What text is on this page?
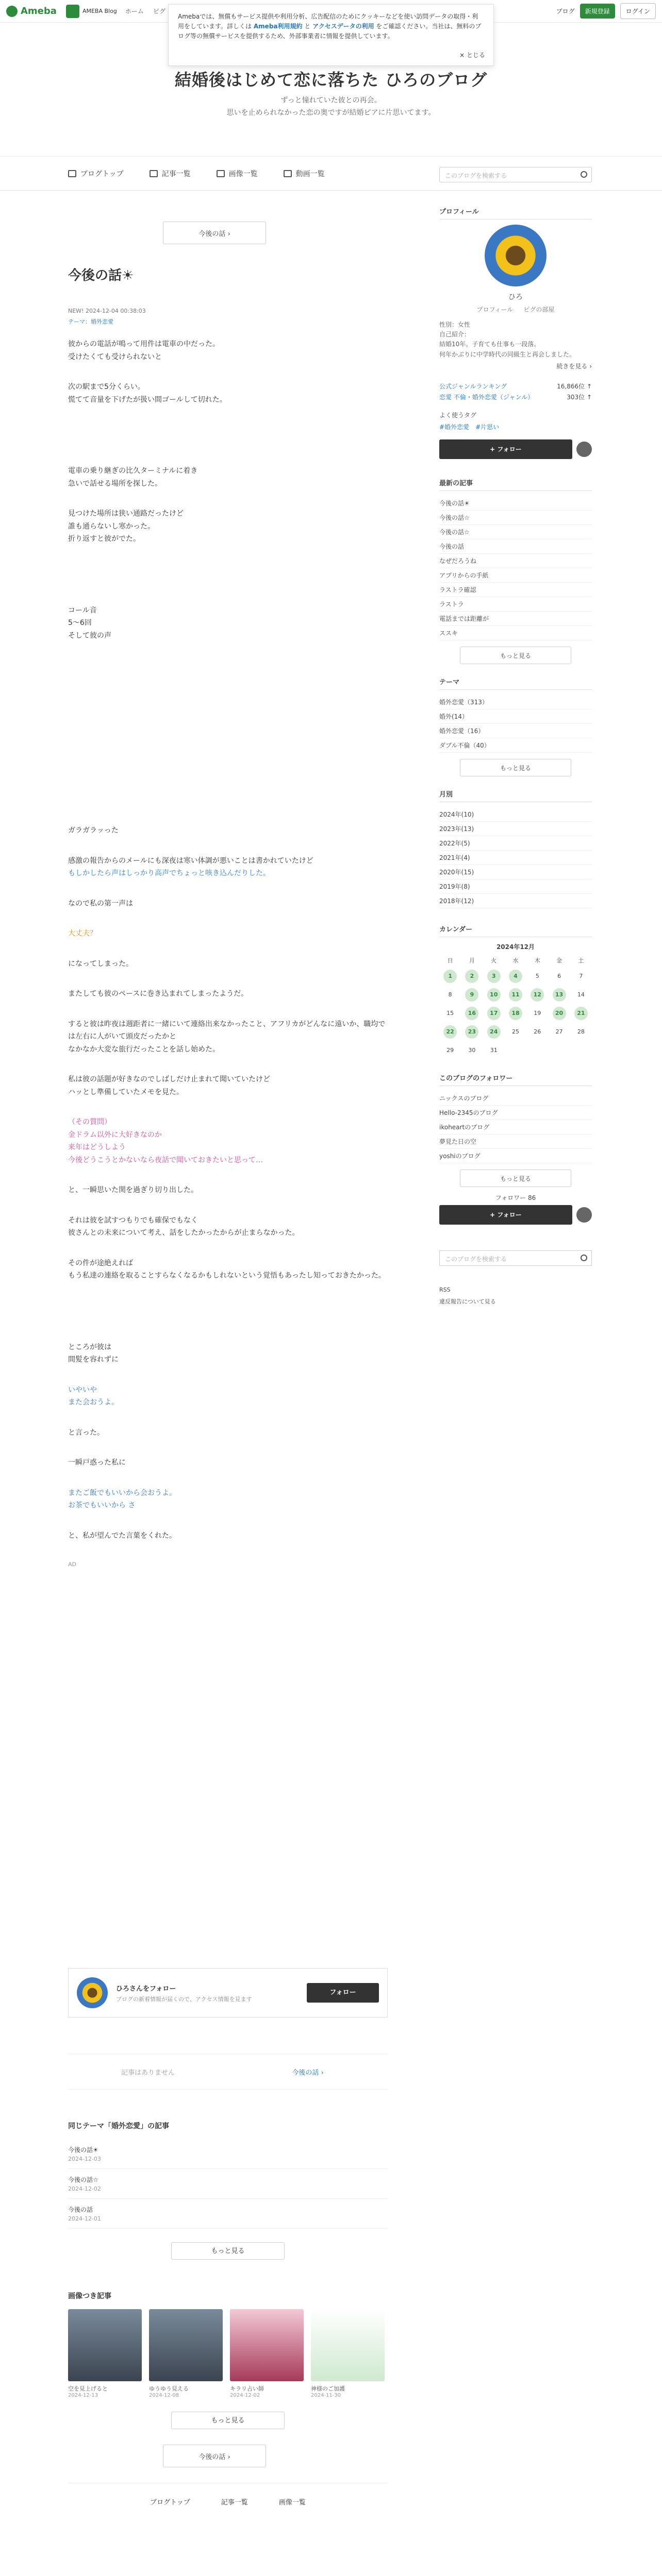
Ameba	AMEBA Blog ホーム ピグ	ブログ	新規登録	ログイン
結婚後はじめて恋に落ちた ひろのブログ
ずっと憧れていた彼との再会。
思いを止められなかった恋の奥ですが結婚ピアに片思いてます。
Amebaでは、無償もサービス提供や利用分析、広告配信のためにクッキーなどを使い訪問データの取得・利用をしています。詳しくは Ameba利用規約 と アクセスデータの利用 をご確認ください。当社は、無料のブログ等の無償サービスを提供するため、外部事業者に情報を提供しています。
× とじる
ブログトップ	記事一覧	画像一覧	動画一覧	このブログを検索する
今後の話 ›
今後の話☀
NEW! 2024-12-04 00:38:03
テーマ：婚外恋愛

彼からの電話が鳴って用件は電車の中だった。
受けたくても受けられないと

次の駅まで5分くらい。
慌てて音量を下げたが扱い間ゴールして切れた。

電車の乗り継ぎの比久ターミナルに着き
急いで話せる場所を探した。

見つけた場所は狭い通路だったけど
誰も通らないし寒かった。
折り返すと彼がでた。

コール音
5〜6回
そして彼の声

ガラガラッった

感激の報告からのメールにも深夜は寒い体調が悪いことは書かれていたけど
もしかしたら声はしっかり高声でちょっと咳き込んだりした。

なので私の第一声は

大丈夫？

になってしまった。

またしても彼のペースに巻き込まれてしまったようだ。

すると彼は昨夜は週距者に一緒にいて連絡出来なかったこと、アフリカがどんなに遠いか、職均では左右に人がいて頭皮だったかと
なかなか大変な旅行だったことを話し始めた。

私は彼の話題が好きなのでしばしだけ止まれて聞いていたけど
ハッとし準備していたメモを見た。

（その質問）
金ドラム以外に大好きなのか
来年はどうしよう
今後どうこうとかないなら夜話で聞いておきたいと思って…

と、一瞬思いた関を過ぎり切り出した。

それは彼を試すつもりでも確保でもなく
彼さんとの未来について考え、話をしたかったからが止まらなかった。

その件が途絶えれば
もう私達の連絡を取ることすらなくなるかもしれないという覚悟もあったし知っておきたかった。

ところが彼は
間髪を容れずに

いやいや
また会おうよ。

と言った。

一瞬戸惑った私に

またご飯でもいいから会おうよ。
お茶でもいいから さ

と、私が望んでた言葉をくれた。

AD

プロフィール
ひろ
プロフィール ピグの部屋
性別：女性
自己紹介：
結婚10年。子育ても仕事も一段落。
何年かぶりに中学時代の同級生と再会しました。
続きを見る ›
公式ジャンルランキング	16,866位 ↑
恋愛 不倫・婚外恋愛（ジャンル）	303位 ↑
よく使うタグ
#婚外恋愛 #片思い
+ フォロー
最新の記事
今後の話☀
今後の話☆
今後の話☆
今後の話
なぜだろうね
アプリからの手紙
ラストラ確認
ラストラ
電話までは距離が
ススキ
もっと見る
テーマ
婚外恋愛（313）
婚外(14）
婚外恋愛（16）
ダブル不倫（40）
もっと見る
月別
2024年(10)
2023年(13)
2022年(5)
2021年(4)
2020年(15)
2019年(8)
2018年(12)
カレンダー
2024年12月
日	月	火	水	木	金	土
1	2	3	4	5	6	7
8	9	10	11	12	13	14
15	16	17	18	19	20	21
22	23	24	25	26	27	28
29	30	31
このブログのフォロワー
ニックスのブログ
Hello-2345のブログ
ikoheartのブログ
夢見た日の空
yoshiのブログ
もっと見る
フォロワー 86
+ フォロー
このブログを検索する
RSS
違反報告について見る
ひろさんをフォロー
ブログの新着情報が届くので、アクセス情報を見ます
フォロー
記事はありません	今後の話 ›
同じテーマ「婚外恋愛」の記事
今後の話☀
2024-12-03
今後の話☆
2024-12-02
今後の話
2024-12-01
もっと見る
画像つき記事
空を見上げると
2024-12-13
ゆうゆう見える
2024-12-08
キラリ占い師
2024-12-02
神様のご加護
2024-11-30
もっと見る
今後の話 ›
ブログトップ	記事一覧	画像一覧
